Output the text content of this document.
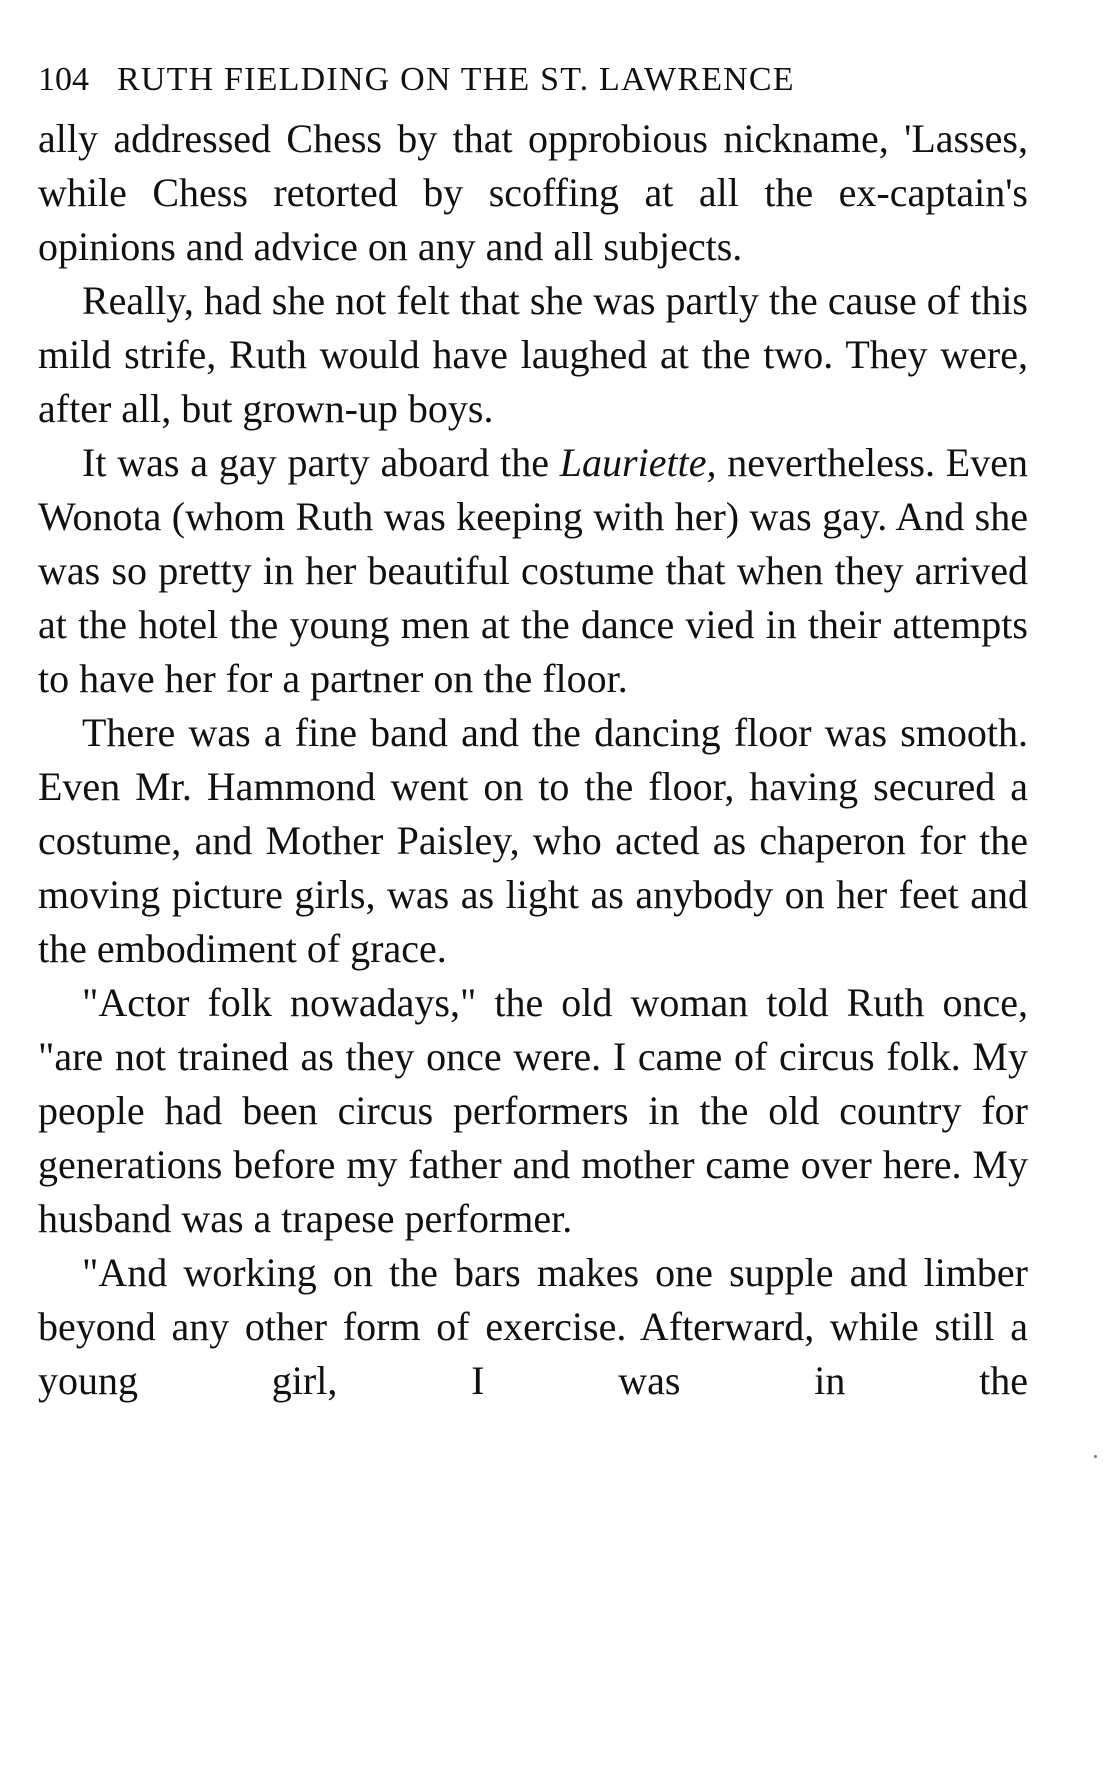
104 RUTH FIELDING ON THE ST. LAWRENCE

ally addressed Chess by that opprobious nickname, 'Lasses, while Chess retorted by scoffing at all the ex-captain's opinions and advice on any and all subjects.

Really, had she not felt that she was partly the cause of this mild strife, Ruth would have laughed at the two. They were, after all, but grown-up boys.

It was a gay party aboard the Lauriette, nevertheless. Even Wonota (whom Ruth was keeping with her) was gay. And she was so pretty in her beautiful costume that when they arrived at the hotel the young men at the dance vied in their attempts to have her for a partner on the floor.

There was a fine band and the dancing floor was smooth. Even Mr. Hammond went on to the floor, having secured a costume, and Mother Paisley, who acted as chaperon for the moving picture girls, was as light as anybody on her feet and the embodiment of grace.

"Actor folk nowadays," the old woman told Ruth once, "are not trained as they once were. I came of circus folk. My people had been circus performers in the old country for generations before my father and mother came over here. My husband was a trapese performer.

"And working on the bars makes one supple and limber beyond any other form of exercise. Afterward, while still a young girl, I was in the
